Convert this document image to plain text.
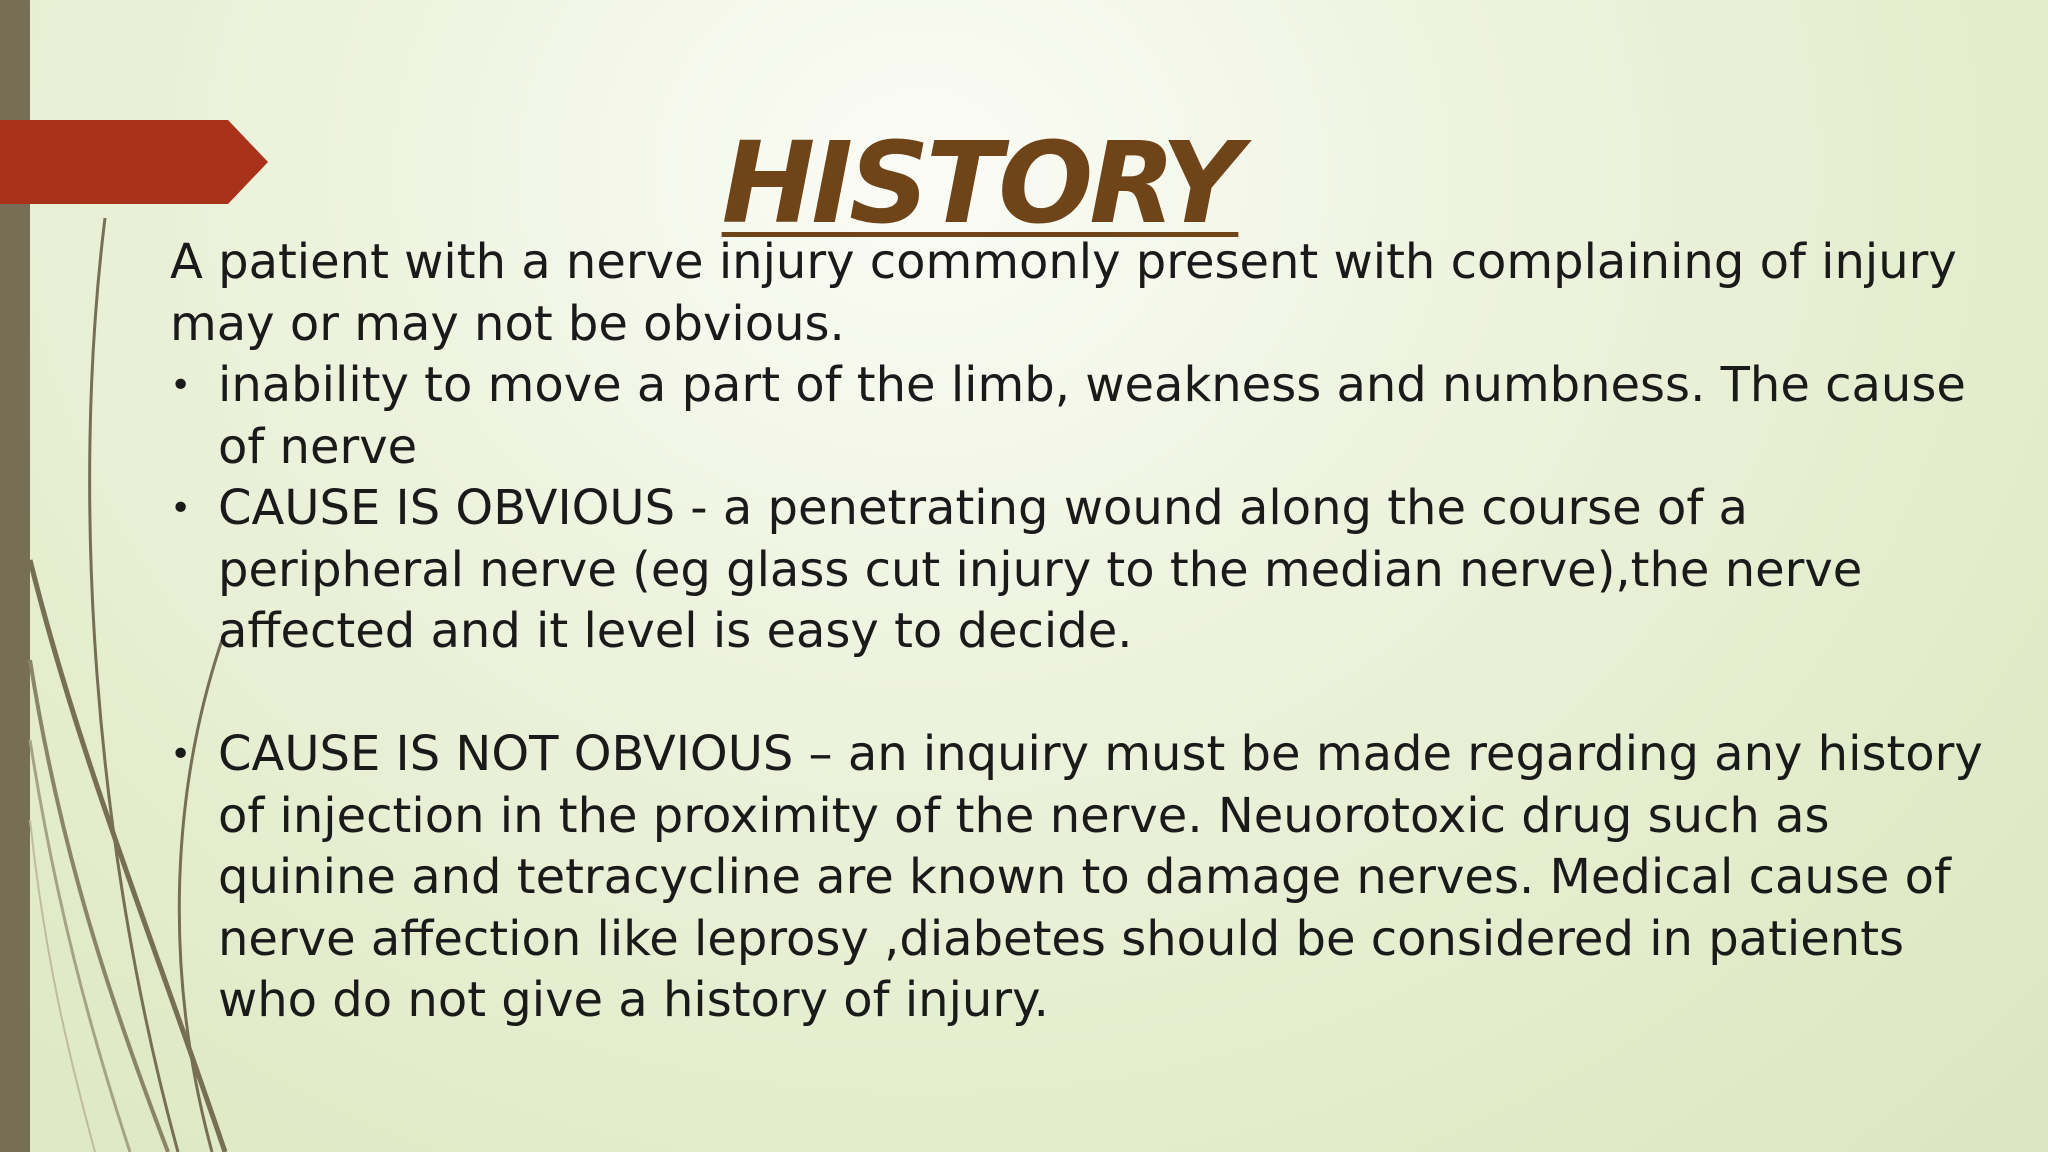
HISTORY

A patient with a nerve injury commonly present with complaining of injury may or may not be obvious.

• inability to move a part of the limb, weakness and numbness. The cause of nerve
• CAUSE IS OBVIOUS - a penetrating wound along the course of a peripheral nerve (eg glass cut injury to the median nerve),the nerve affected and it level is easy to decide.
• CAUSE IS NOT OBVIOUS – an inquiry must be made regarding any history of injection in the proximity of the nerve. Neuorotoxic drug such as quinine and tetracycline are known to damage nerves. Medical cause of nerve affection like leprosy ,diabetes should be considered in patients who do not give a history of injury.
